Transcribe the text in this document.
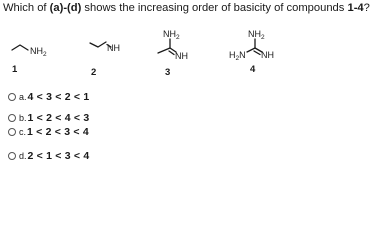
Which of (a)-(d) shows the increasing order of basicity of compounds 1-4?
$NH_2$
1
NH
2
$NH_2$
NH
3
$NH_2$
$H_2N$ NH
4
a. 4 < 3 < 2 < 1
b. 1 < 2 < 4 < 3
c. 1 < 2 < 3 < 4
d. 2 < 1 < 3 < 4
